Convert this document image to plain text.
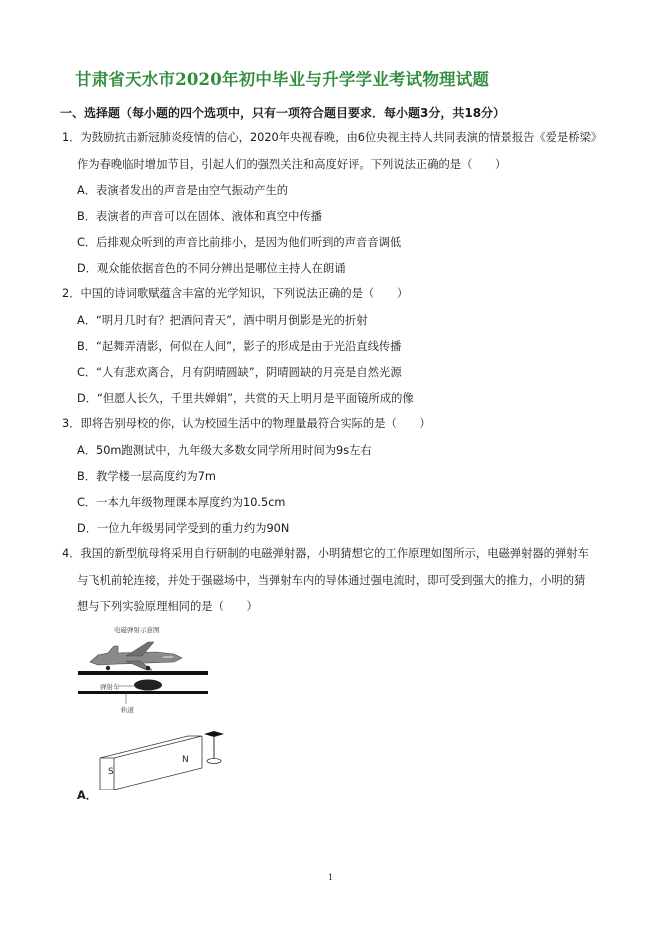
甘肃省天水市2020年初中毕业与升学学业考试物理试题
一、选择题（每小题的四个选项中，只有一项符合题目要求．每小题3分，共18分）
1．为鼓励抗击新冠肺炎疫情的信心，2020年央视春晚，由6位央视主持人共同表演的情景报告《爱是桥梁》
作为春晚临时增加节目，引起人们的强烈关注和高度好评。下列说法正确的是（　　）
A．表演者发出的声音是由空气振动产生的
B．表演者的声音可以在固体、液体和真空中传播
C．后排观众听到的声音比前排小，是因为他们听到的声音音调低
D．观众能依据音色的不同分辨出是哪位主持人在朗诵
2．中国的诗词歌赋蕴含丰富的光学知识，下列说法正确的是（　　）
A．“明月几时有？把酒问青天”，酒中明月倒影是光的折射
B．“起舞弄清影，何似在人间”，影子的形成是由于光沿直线传播
C．“人有悲欢离合，月有阴晴圆缺”，阴晴圆缺的月亮是自然光源
D．“但愿人长久，千里共婵娟”，共赏的天上明月是平面镜所成的像
3．即将告别母校的你，认为校园生活中的物理量最符合实际的是（　　）
A．50m跑测试中，九年级大多数女同学所用时间为9s左右
B．教学楼一层高度约为7m
C．一本九年级物理课本厚度约为10.5cm
D．一位九年级男同学受到的重力约为90N
4．我国的新型航母将采用自行研制的电磁弹射器，小明猜想它的工作原理如图所示，电磁弹射器的弹射车
与飞机前轮连接，并处于强磁场中，当弹射车内的导体通过强电流时，即可受到强大的推力，小明的猜
想与下列实验原理相同的是（　　）
电磁弹射示意图
弹射车
轨道
S
N
A．
1
